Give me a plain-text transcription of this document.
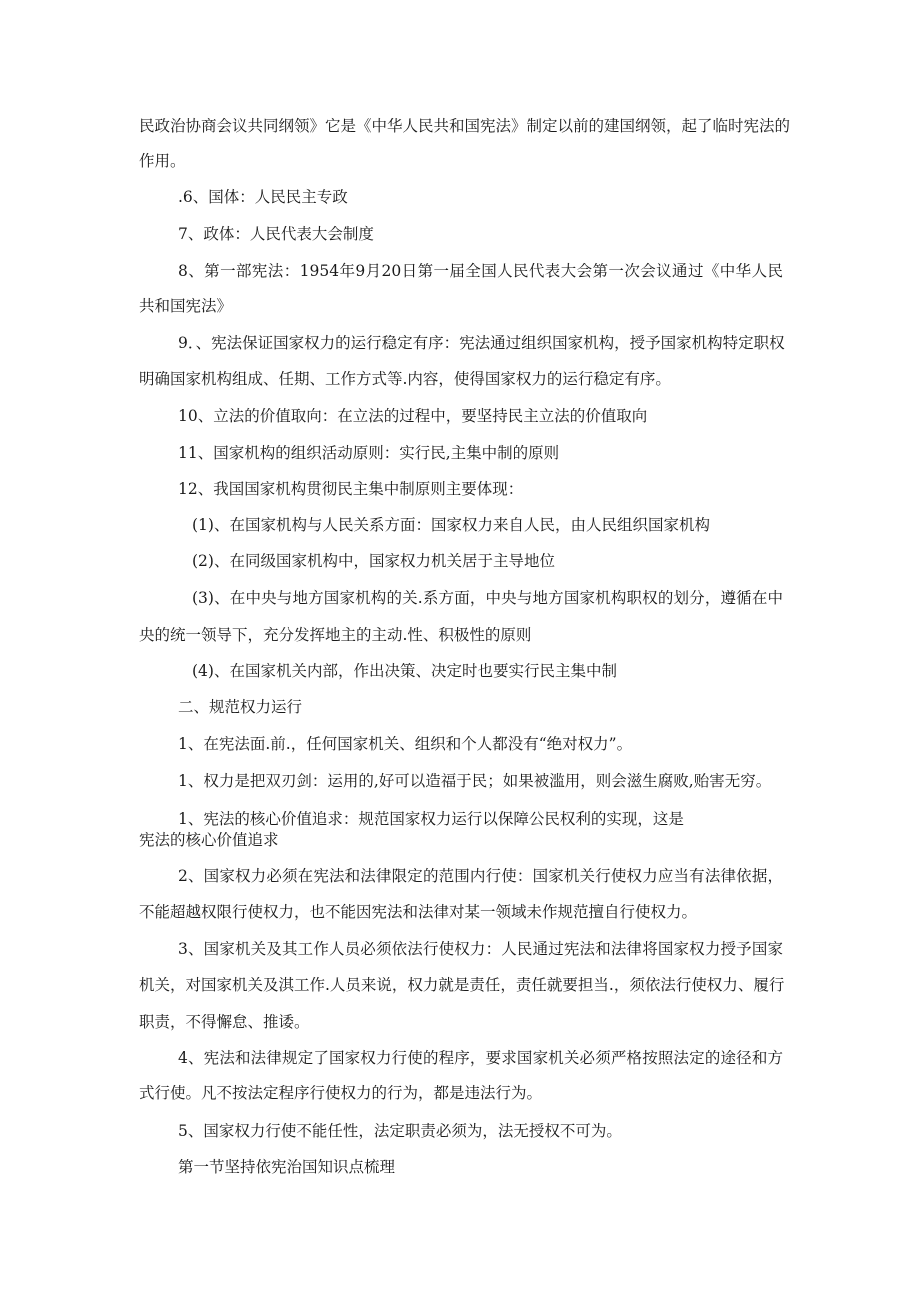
民政治协商会议共同纲领》它是《中华人民共和国宪法》制定以前的建国纲领，起了临时宪法的
作用。
.6、国体：人民民主专政
7、政体：人民代表大会制度
8、第一部宪法：1954年9月20日第一届全国人民代表大会第一次会议通过《中华人民
共和国宪法》
9．、宪法保证国家权力的运行稳定有序：宪法通过组织国家机构，授予国家机构特定职权
明确国家机构组成、任期、工作方式等.内容，使得国家权力的运行稳定有序。
10、立法的价值取向：在立法的过程中，要坚持民主立法的价值取向
11、国家机构的组织活动原则：实行民,主集中制的原则
12、我国国家机构贯彻民主集中制原则主要体现：
(1)、在国家机构与人民关系方面：国家权力来自人民，由人民组织国家机构
(2)、在同级国家机构中，国家权力机关居于主导地位
(3)、在中央与地方国家机构的关.系方面，中央与地方国家机构职权的划分，遵循在中
央的统一领导下，充分发挥地主的主动.性、积极性的原则
(4)、在国家机关内部，作出决策、决定时也要实行民主集中制
二、规范权力运行
1、在宪法面.前.，任何国家机关、组织和个人都没有“绝对权力”。
1、权力是把双刃剑：运用的,好可以造福于民；如果被滥用，则会滋生腐败,贻害无穷。
1、宪法的核心价值追求：规范国家权力运行以保障公民权利的实现，这是
宪法的核心价值追求
2、国家权力必须在宪法和法律限定的范围内行使：国家机关行使权力应当有法律依据，
不能超越权限行使权力，也不能因宪法和法律对某一领域未作规范擅自行使权力。
3、国家机关及其工作人员必须依法行使权力：人民通过宪法和法律将国家权力授予国家
机关，对国家机关及淇工作.人员来说，权力就是责任，责任就要担当.，须依法行使权力、履行
职责，不得懈怠、推诿。
4、宪法和法律规定了国家权力行使的程序，要求国家机关必须严格按照法定的途径和方
式行使。凡不按法定程序行使权力的行为，都是违法行为。
5、国家权力行使不能任性，法定职责必须为，法无授权不可为。
第一节坚持依宪治国知识点梳理
